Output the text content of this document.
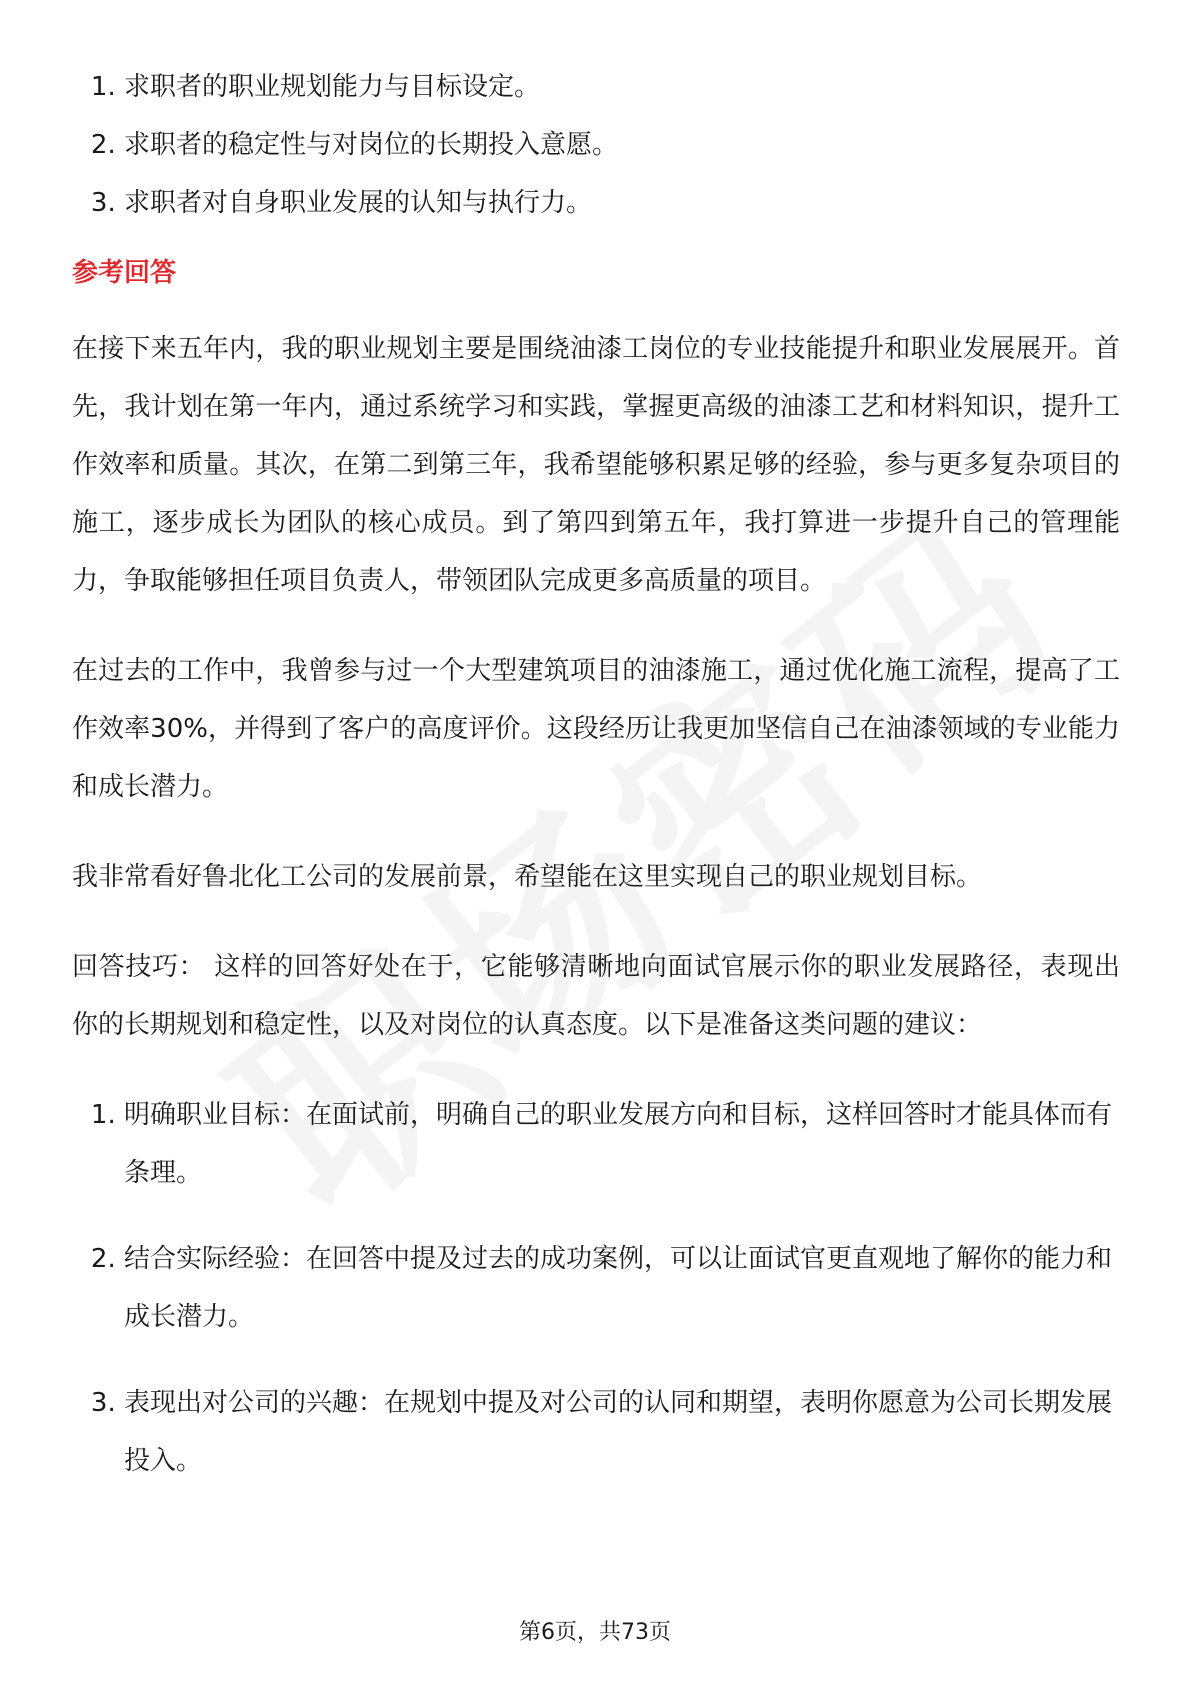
1. 求职者的职业规划能力与目标设定。
2. 求职者的稳定性与对岗位的长期投入意愿。
3. 求职者对自身职业发展的认知与执行力。
参考回答

在接下来五年内，我的职业规划主要是围绕油漆工岗位的专业技能提升和职业发展展开。首先，我计划在第一年内，通过系统学习和实践，掌握更高级的油漆工艺和材料知识，提升工作效率和质量。其次，在第二到第三年，我希望能够积累足够的经验，参与更多复杂项目的施工，逐步成长为团队的核心成员。到了第四到第五年，我打算进一步提升自己的管理能力，争取能够担任项目负责人，带领团队完成更多高质量的项目。

在过去的工作中，我曾参与过一个大型建筑项目的油漆施工，通过优化施工流程，提高了工作效率30%，并得到了客户的高度评价。这段经历让我更加坚信自己在油漆领域的专业能力和成长潜力。

我非常看好鲁北化工公司的发展前景，希望能在这里实现自己的职业规划目标。

回答技巧： 这样的回答好处在于，它能够清晰地向面试官展示你的职业发展路径，表现出你的长期规划和稳定性，以及对岗位的认真态度。以下是准备这类问题的建议：

1. 明确职业目标：在面试前，明确自己的职业发展方向和目标，这样回答时才能具体而有条理。
2. 结合实际经验：在回答中提及过去的成功案例，可以让面试官更直观地了解你的能力和成长潜力。
3. 表现出对公司的兴趣：在规划中提及对公司的认同和期望，表明你愿意为公司长期发展投入。
第6页，共73页
